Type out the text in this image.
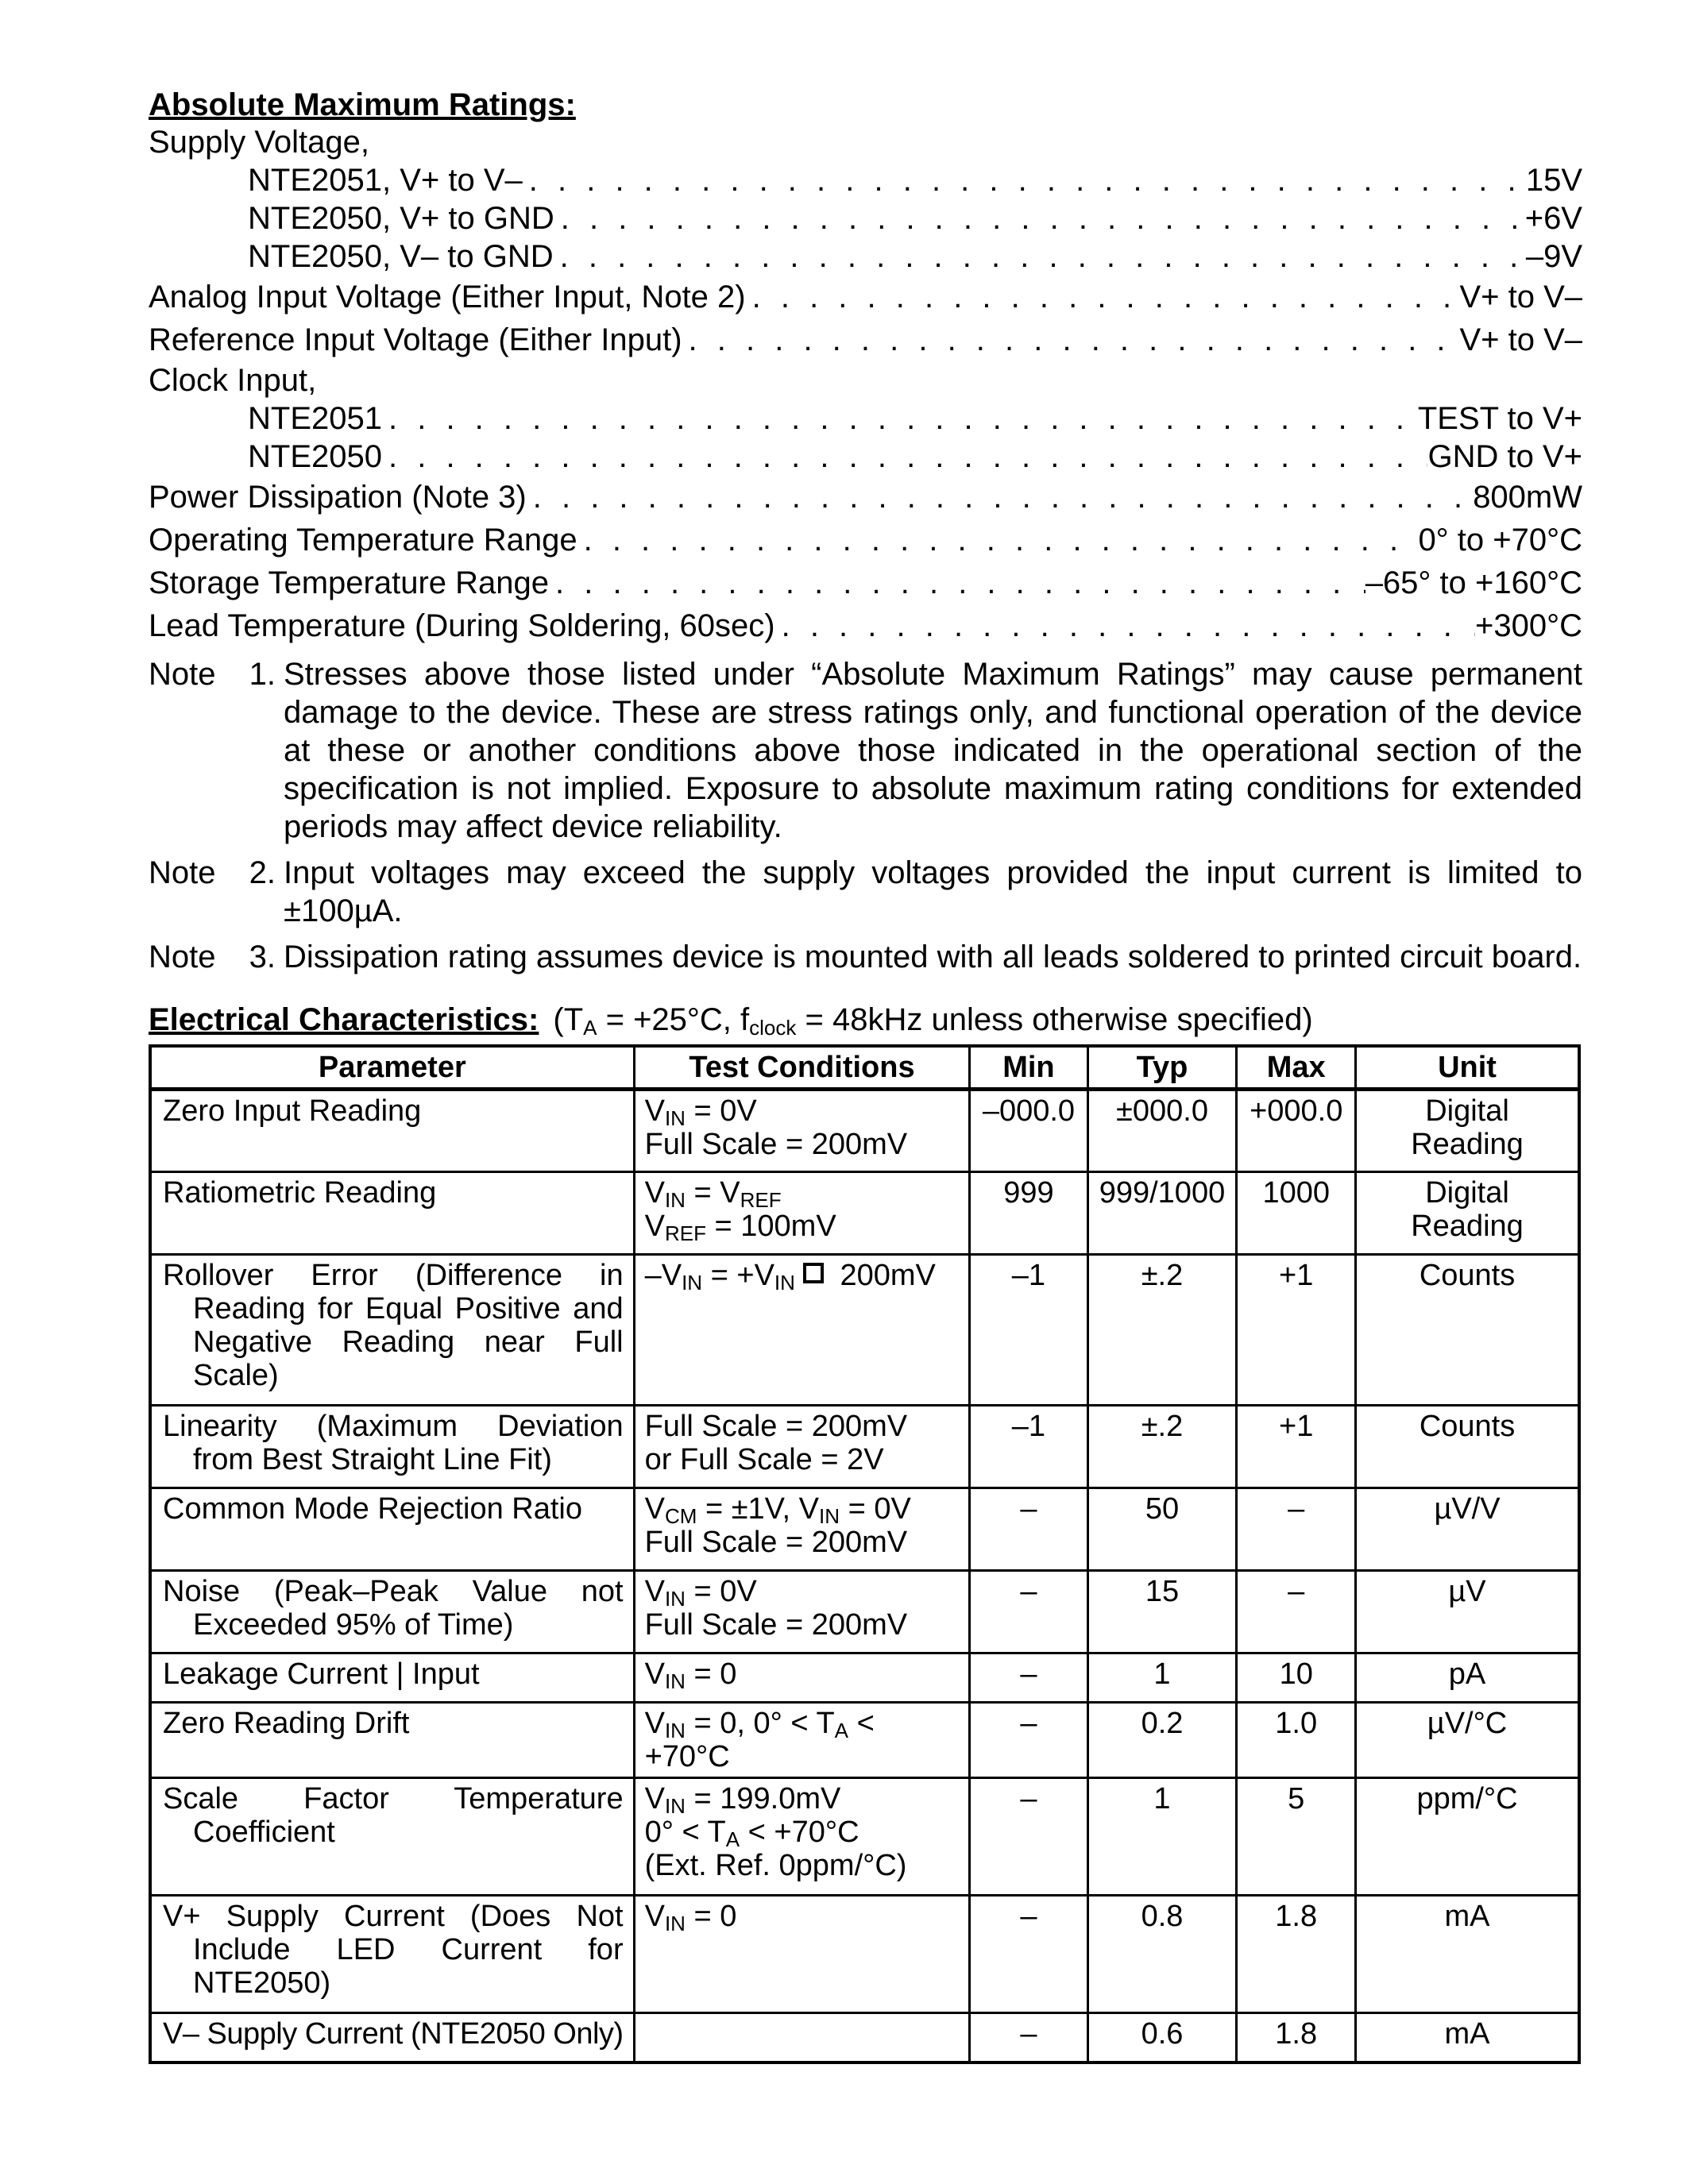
Absolute Maximum Ratings:
Supply Voltage,
NTE2051, V+ to V– . . .	15V
NTE2050, V+ to GND . . .	+6V
NTE2050, V– to GND . . .	–9V
Analog Input Voltage (Either Input, Note 2) . . .	V+ to V–
Reference Input Voltage (Either Input) . . .	V+ to V–
Clock Input,
NTE2051 . . .	TEST to V+
NTE2050 . . .	GND to V+
Power Dissipation (Note 3) . . .	800mW
Operating Temperature Range . . .	0° to +70°C
Storage Temperature Range . . .	–65° to +160°C
Lead Temperature (During Soldering, 60sec) . . .	+300°C
Note	1. Stresses above those listed under “Absolute Maximum Ratings” may cause permanent damage to the device. These are stress ratings only, and functional operation of the device at these or another conditions above those indicated in the operational section of the specification is not implied. Exposure to absolute maximum rating conditions for extended periods may affect device reliability.
Note	2. Input voltages may exceed the supply voltages provided the input current is limited to ±100µA.
Note	3. Dissipation rating assumes device is mounted with all leads soldered to printed circuit board.
Electrical Characteristics: ($T_A = +25^\circ C$, $f_{clock} = 48kHz$ unless otherwise specified)
Parameter	Test Conditions	Min	Typ	Max	Unit

Zero Input Reading	$V_{IN} = 0V$
Full Scale = 200mV	–000.0	±000.0	+000.0	Digital Reading

Ratiometric Reading	$V_{IN} = V_{REF}$
$V_{REF} = 100mV$	999	999/1000	1000	Digital Reading

Rollover Error (Difference in Reading for Equal Positive and Negative Reading near Full Scale)	$-V_{IN} = +V_{IN}$ 200mV	–1	±.2	+1	Counts

Linearity (Maximum Deviation from Best Straight Line Fit)	Full Scale = 200mV
or Full Scale = 2V	–1	±.2	+1	Counts

Common Mode Rejection Ratio	$V_{CM} = \pm 1V$, $V_{IN} = 0V$
Full Scale = 200mV	–	50	–	µV/V

Noise (Peak–Peak Value not Exceeded 95% of Time)	$V_{IN} = 0V$
Full Scale = 200mV	–	15	–	µV

Leakage Current | Input	$V_{IN} = 0$	–	1	10	pA

Zero Reading Drift	$V_{IN} = 0$, $0^\circ < T_A < +70^\circ C$	–	0.2	1.0	µV/°C

Scale Factor Temperature Coefficient	$V_{IN} = 199.0mV$
$0^\circ < T_A < +70^\circ C$
(Ext. Ref. 0ppm/°C)	–	1	5	ppm/°C

V+ Supply Current (Does Not Include LED Current for NTE2050)	$V_{IN} = 0$	–	0.8	1.8	mA

V– Supply Current (NTE2050 Only)		–	0.6	1.8	mA
